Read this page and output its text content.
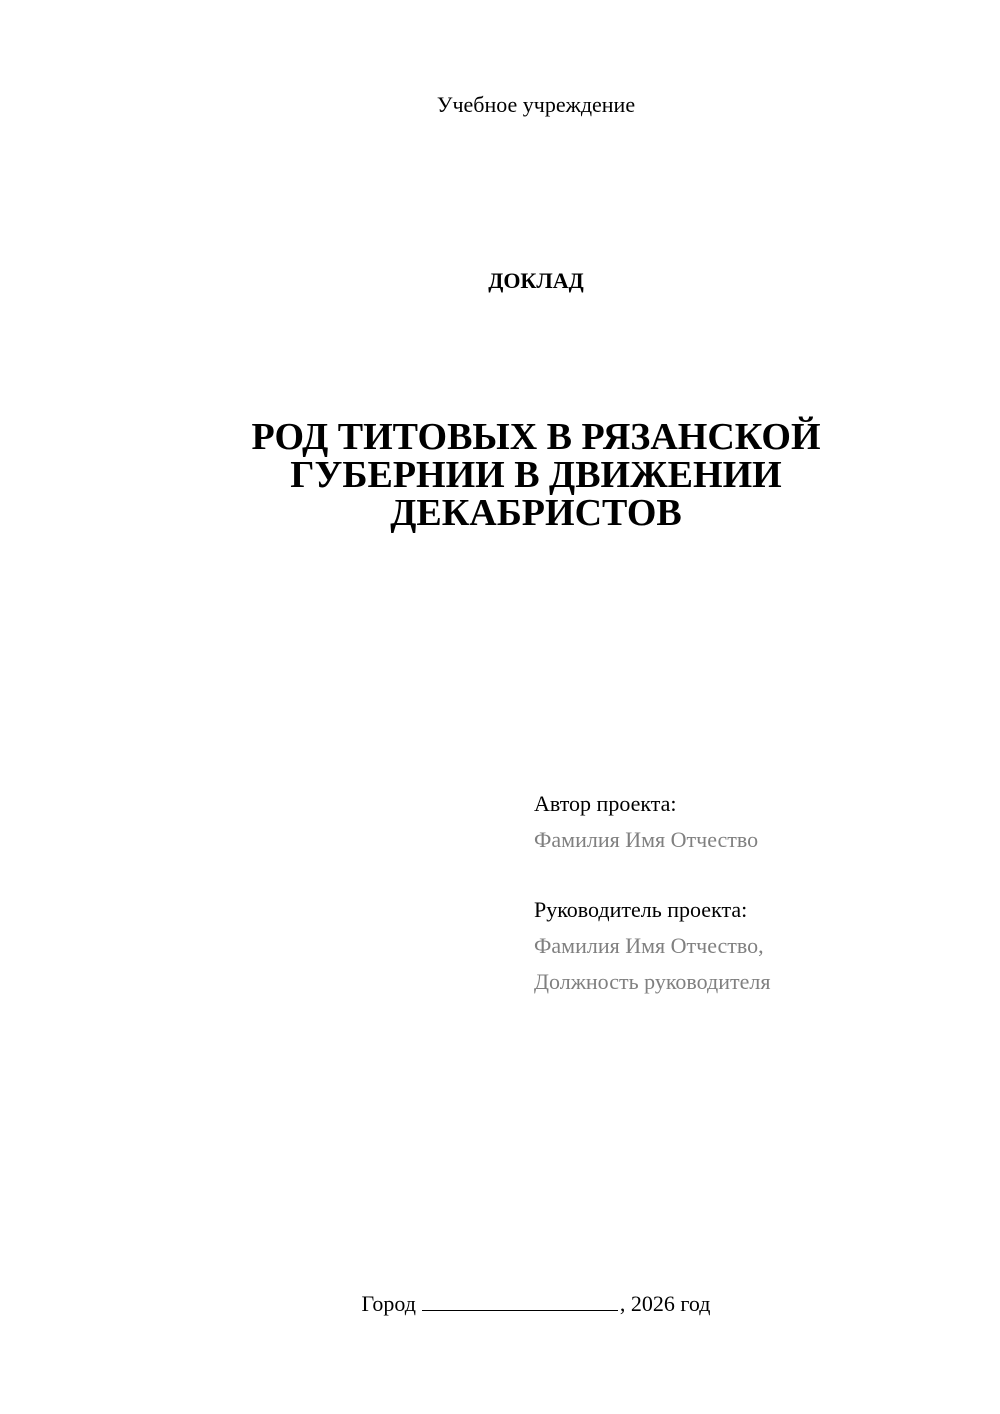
Учебное учреждение
ДОКЛАД
РОД ТИТОВЫХ В РЯЗАНСКОЙ
ГУБЕРНИИ В ДВИЖЕНИИ
ДЕКАБРИСТОВ
Автор проекта:
Фамилия Имя Отчество
Руководитель проекта:
Фамилия Имя Отчество,
Должность руководителя
Город	, 2026 год
